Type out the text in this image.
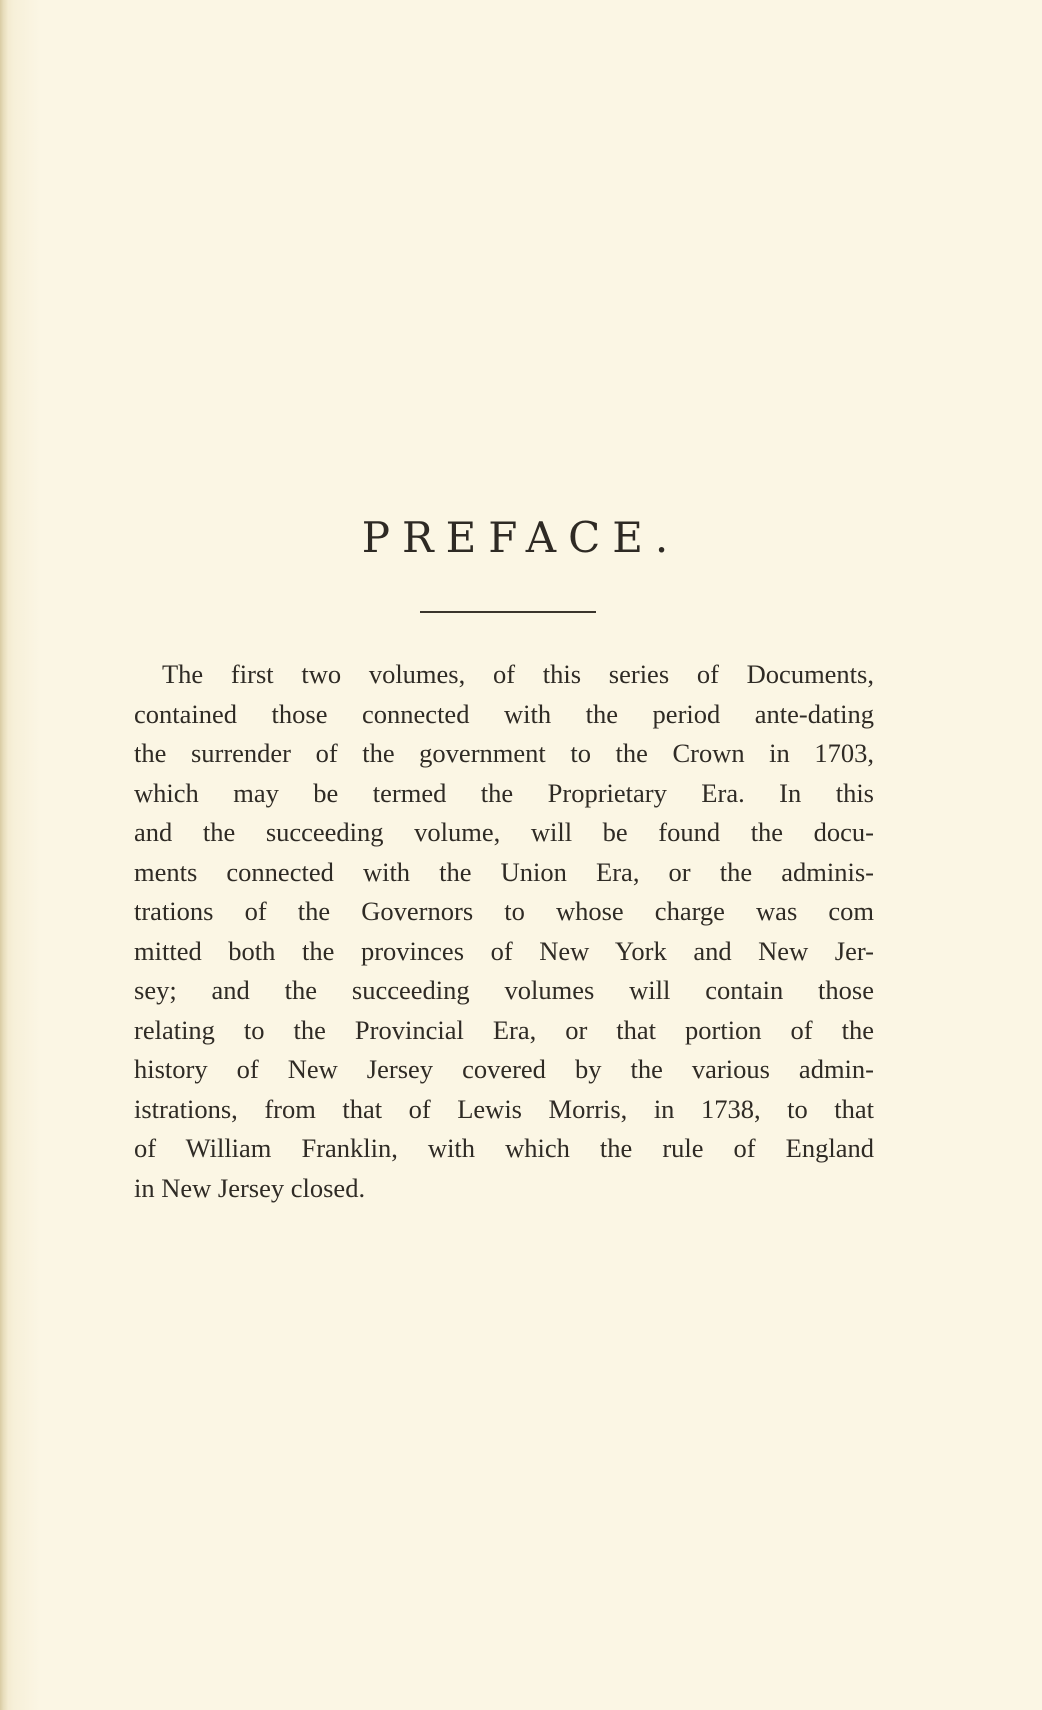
PREFACE.
The first two volumes, of this series of Documents,
contained those connected with the period ante-dating
the surrender of the government to the Crown in 1703,
which may be termed the Proprietary Era. In this
and the succeeding volume, will be found the docu-
ments connected with the Union Era, or the adminis-
trations of the Governors to whose charge was com
mitted both the provinces of New York and New Jer-
sey; and the succeeding volumes will contain those
relating to the Provincial Era, or that portion of the
history of New Jersey covered by the various admin-
istrations, from that of Lewis Morris, in 1738, to that
of William Franklin, with which the rule of England
in New Jersey closed.
